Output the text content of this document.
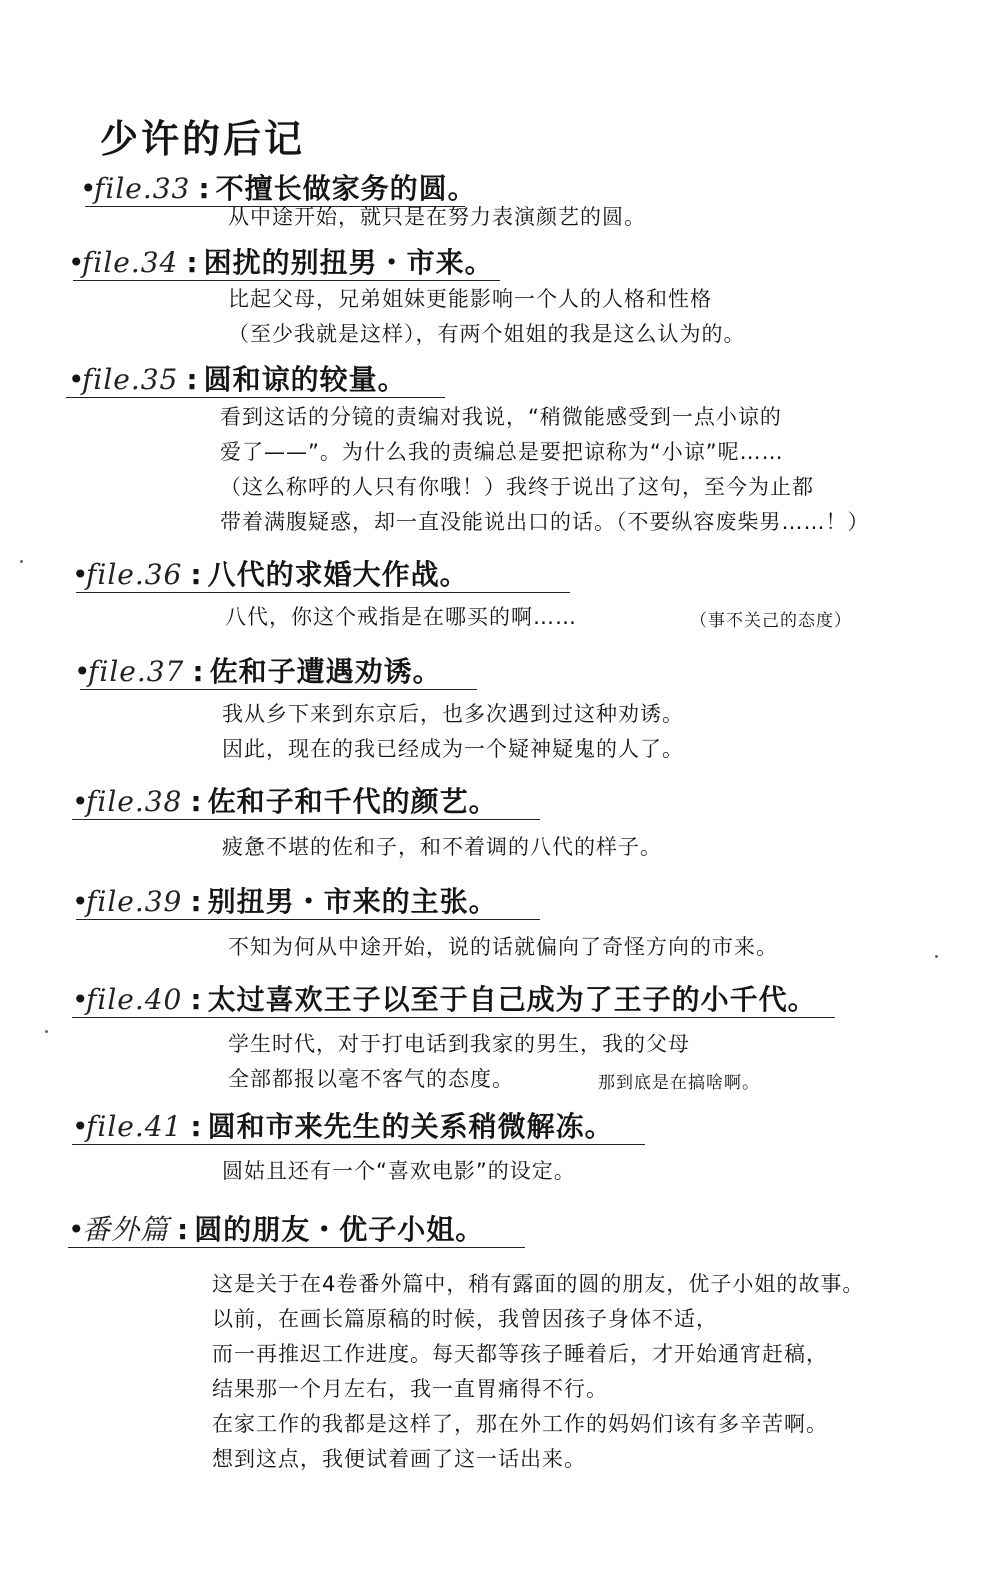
少许的后记
•file.33 : 不擅长做家务的圆。
从中途开始，就只是在努力表演颜艺的圆。
•file.34 : 困扰的别扭男・市来。
比起父母，兄弟姐妹更能影响一个人的人格和性格
（至少我就是这样），有两个姐姐的我是这么认为的。
•file.35 : 圆和谅的较量。
看到这话的分镜的责编对我说，“稍微能感受到一点小谅的
爱了——”。为什么我的责编总是要把谅称为“小谅”呢……
（这么称呼的人只有你哦！）我终于说出了这句，至今为止都
带着满腹疑惑，却一直没能说出口的话。（不要纵容废柴男……！）
•file.36 : 八代的求婚大作战。
八代，你这个戒指是在哪买的啊……	（事不关己的态度）
•file.37 : 佐和子遭遇劝诱。
我从乡下来到东京后，也多次遇到过这种劝诱。
因此，现在的我已经成为一个疑神疑鬼的人了。
•file.38 : 佐和子和千代的颜艺。
疲惫不堪的佐和子，和不着调的八代的样子。
•file.39 : 别扭男・市来的主张。
不知为何从中途开始，说的话就偏向了奇怪方向的市来。
•file.40 : 太过喜欢王子以至于自己成为了王子的小千代。
学生时代，对于打电话到我家的男生，我的父母
全部都报以毫不客气的态度。	那到底是在搞啥啊。
•file.41 : 圆和市来先生的关系稍微解冻。
圆姑且还有一个“喜欢电影”的设定。
•番外篇 : 圆的朋友・优子小姐。
这是关于在4卷番外篇中，稍有露面的圆的朋友，优子小姐的故事。
以前，在画长篇原稿的时候，我曾因孩子身体不适，
而一再推迟工作进度。每天都等孩子睡着后，才开始通宵赶稿，
结果那一个月左右，我一直胃痛得不行。
在家工作的我都是这样了，那在外工作的妈妈们该有多辛苦啊。
想到这点，我便试着画了这一话出来。
